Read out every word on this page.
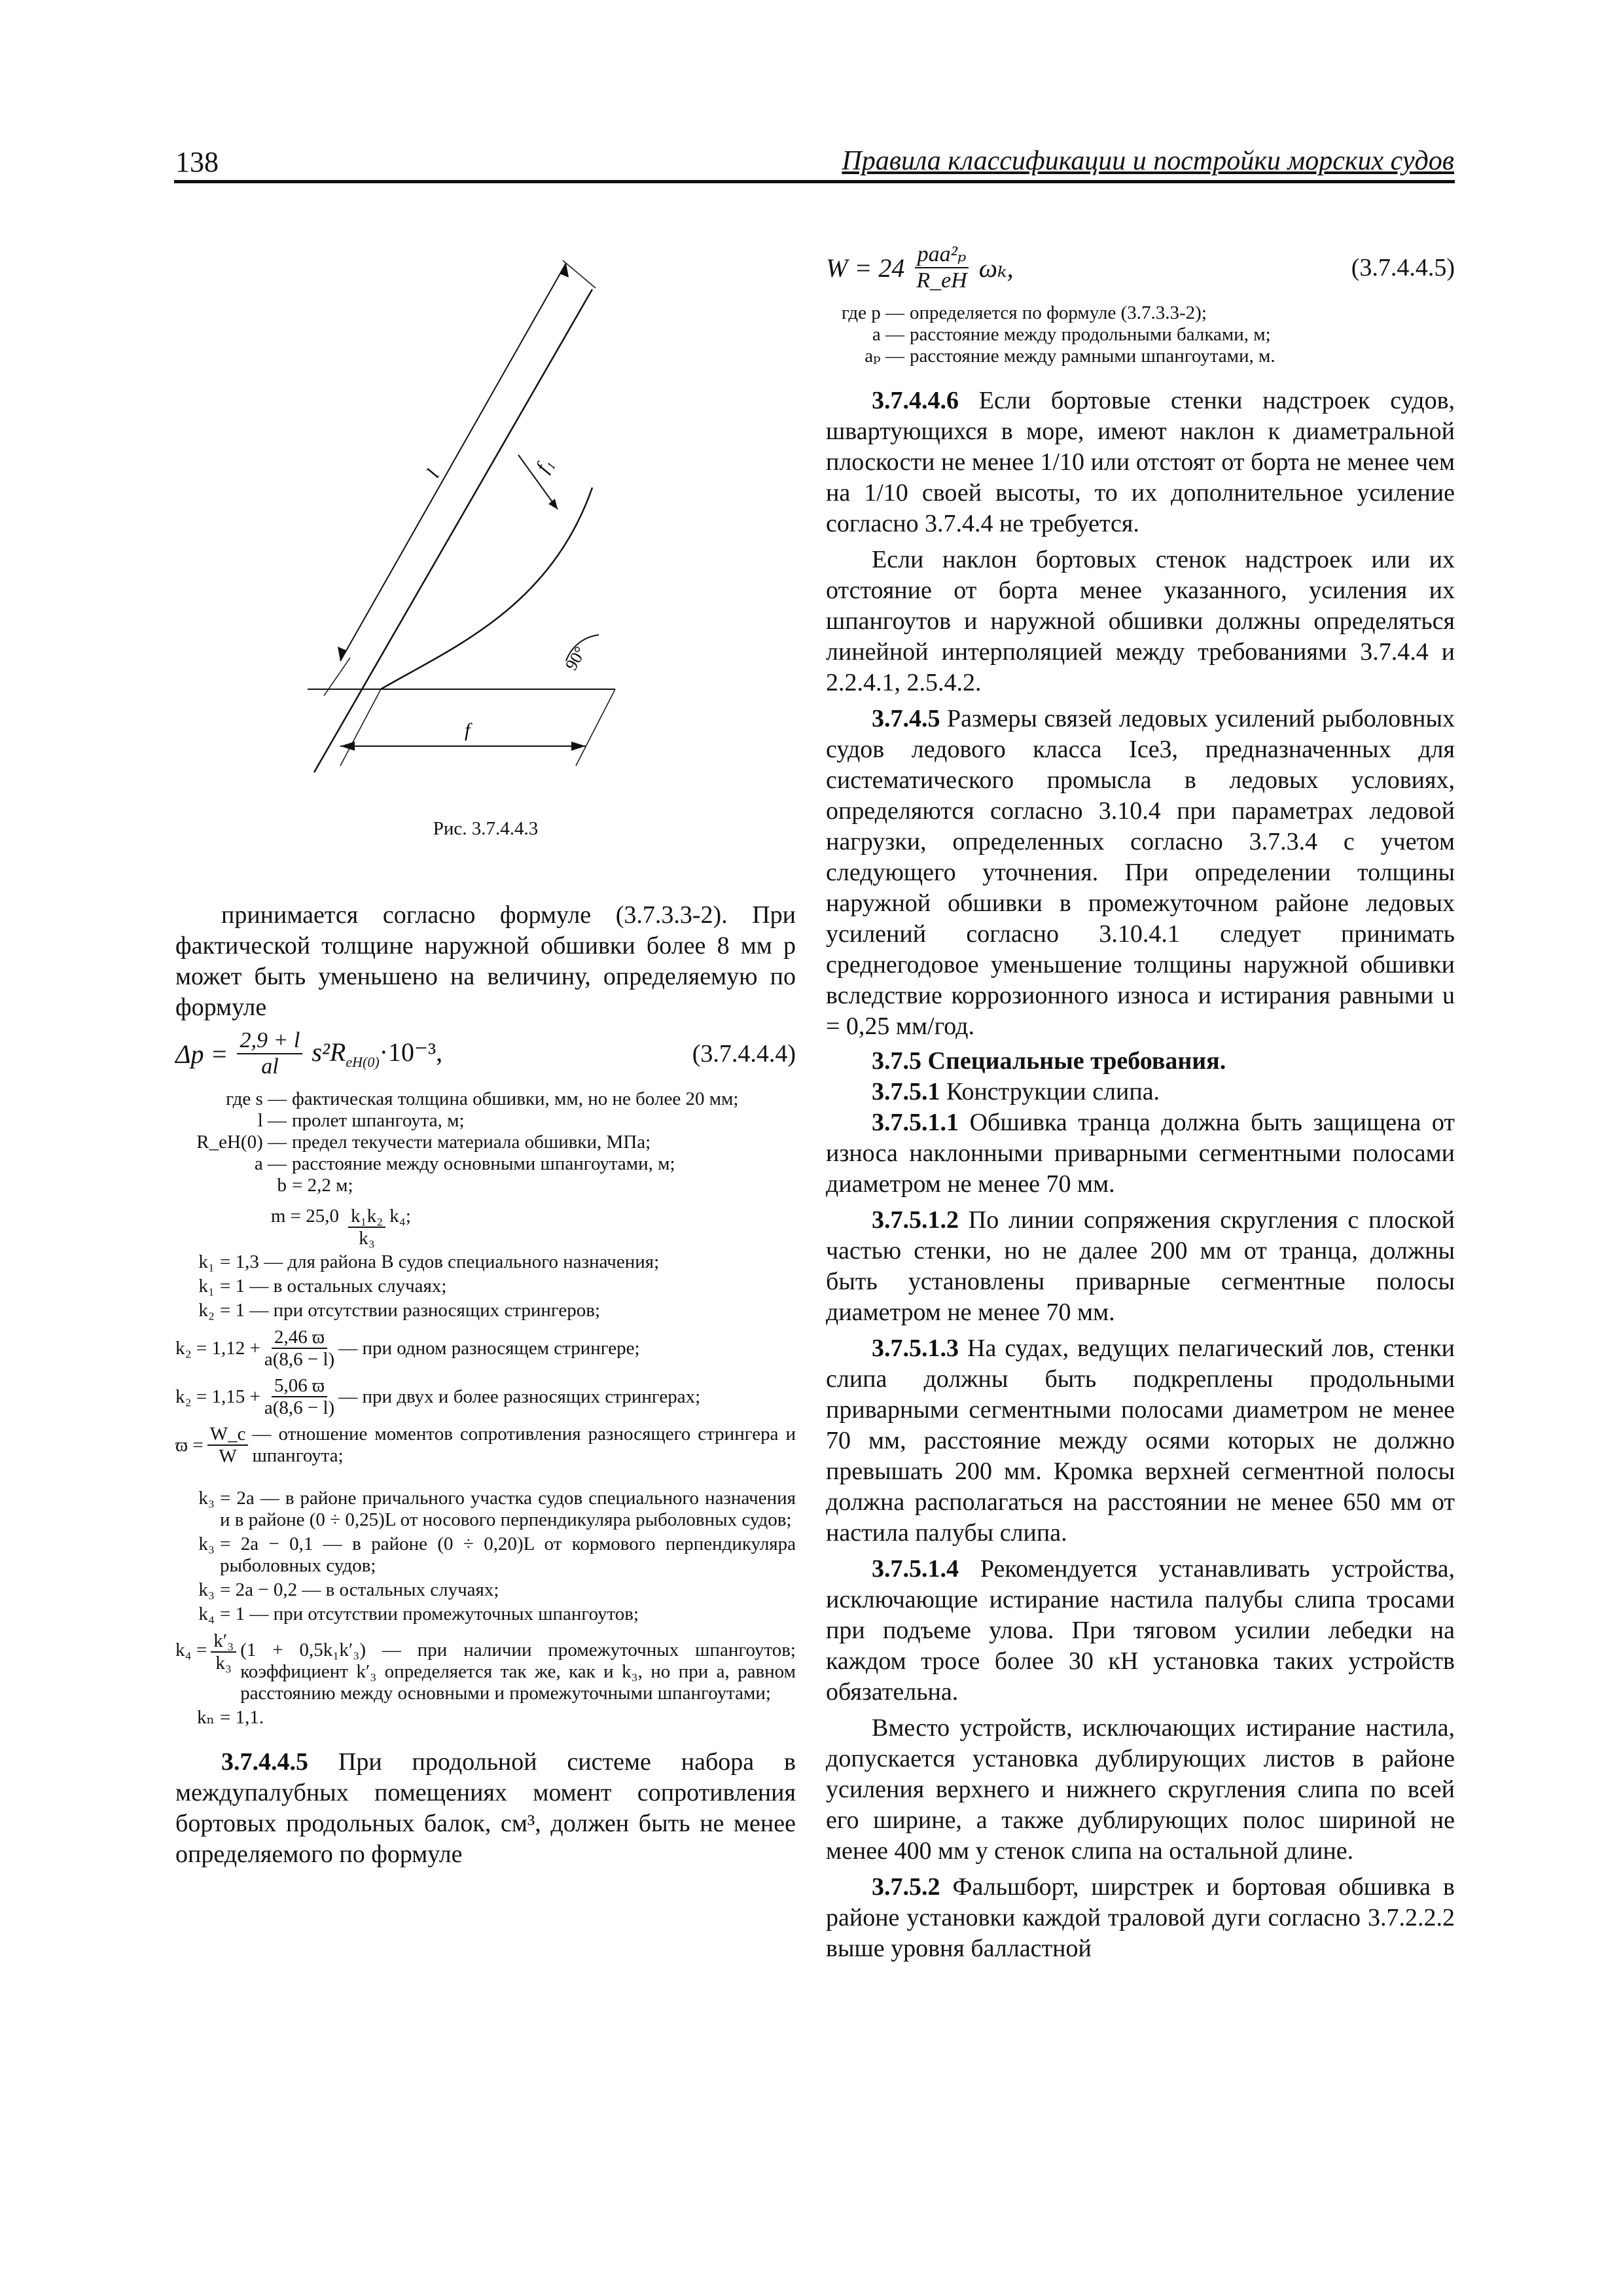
138	Правила классификации и постройки морских судов
l	f₁
90°
f
Рис. 3.7.4.4.3

принимается согласно формуле (3.7.3.3-2). При фактической толщине наружной обшивки более 8 мм p может быть уменьшено на величину, определяемую по формуле

$\Delta p = \frac{2,9 + l}{al} s^2R_{eH(0)}\cdot 10^{-3}$,	(3.7.4.4.4)
где s — фактическая толщина обшивки, мм, но не более 20 мм;
l — пролет шпангоута, м;
R_eH(0) — предел текучести материала обшивки, МПа;
a — расстояние между основными шпангоутами, м;
b = 2,2 м;
m = 25,0 k₁k₂
k₃
k₄;
k₁ = 1,3 — для района В судов специального назначения;
k₁ = 1 — в остальных случаях;
k₂ = 1 — при отсутствии разносящих стрингеров;
$k_2 = 1,12 + \frac{2,46 ϖ}{a(8,6 - l)}$ — при одном разносящем стрингере;
$k_2 = 1,15 + \frac{5,06 ϖ}{a(8,6 - l)}$ — при двух и более разносящих стрингерах;
$ϖ = \frac{W\_c}{W}$ — отношение моментов сопротивления разносящего стрингера и шпангоута;
k₃ = 2a — в районе причального участка судов специального назначения и в районе (0 ÷ 0,25)L от носового перпендикуляра рыболовных судов;
k₃ = 2a − 0,1 — в районе (0 ÷ 0,20)L от кормового перпендикуляра рыболовных судов;
k₃ = 2a − 0,2 — в остальных случаях;
k₄ = 1 — при отсутствии промежуточных шпангоутов;
$k_4 = \frac{\text{k′₃}}{\text{k₃}} (1 + 0,5k_1k'_3)$ — при наличии промежуточных шпангоутов; коэффициент k′₃ определяется так же, как и k₃, но при a, равном расстоянию между основными и промежуточными шпангоутами;
kₙ = 1,1.

3.7.4.4.5 При продольной системе набора в междупалубных помещениях момент сопротивления бортовых продольных балок, см³, должен быть не менее определяемого по формуле

$W = 24 \frac{\text{paa²ₚ}}{R\_eH} \omega_k$,	(3.7.4.4.5)
где p — определяется по формуле (3.7.3.3-2);
a — расстояние между продольными балками, м;
aₚ — расстояние между рамными шпангоутами, м.

3.7.4.4.6 Если бортовые стенки надстроек судов, швартующихся в море, имеют наклон к диаметральной плоскости не менее 1/10 или отстоят от борта не менее чем на 1/10 своей высоты, то их дополнительное усиление согласно 3.7.4.4 не требуется.

Если наклон бортовых стенок надстроек или их отстояние от борта менее указанного, усиления их шпангоутов и наружной обшивки должны определяться линейной интерполяцией между требованиями 3.7.4.4 и 2.2.4.1, 2.5.4.2.

3.7.4.5 Размеры связей ледовых усилений рыболовных судов ледового класса Ice3, предназначенных для систематического промысла в ледовых условиях, определяются согласно 3.10.4 при параметрах ледовой нагрузки, определенных согласно 3.7.3.4 с учетом следующего уточнения. При определении толщины наружной обшивки в промежуточном районе ледовых усилений согласно 3.10.4.1 следует принимать среднегодовое уменьшение толщины наружной обшивки вследствие коррозионного износа и истирания равными u = 0,25 мм/год.

3.7.5 Специальные требования.

3.7.5.1 Конструкции слипа.

3.7.5.1.1 Обшивка транца должна быть защищена от износа наклонными приварными сегментными полосами диаметром не менее 70 мм.

3.7.5.1.2 По линии сопряжения скругления с плоской частью стенки, но не далее 200 мм от транца, должны быть установлены приварные сегментные полосы диаметром не менее 70 мм.

3.7.5.1.3 На судах, ведущих пелагический лов, стенки слипа должны быть подкреплены продольными приварными сегментными полосами диаметром не менее 70 мм, расстояние между осями которых не должно превышать 200 мм. Кромка верхней сегментной полосы должна располагаться на расстоянии не менее 650 мм от настила палубы слипа.

3.7.5.1.4 Рекомендуется устанавливать устройства, исключающие истирание настила палубы слипа тросами при подъеме улова. При тяговом усилии лебедки на каждом тросе более 30 кН установка таких устройств обязательна.

Вместо устройств, исключающих истирание настила, допускается установка дублирующих листов в районе усиления верхнего и нижнего скругления слипа по всей его ширине, а также дублирующих полос шириной не менее 400 мм у стенок слипа на остальной длине.

3.7.5.2 Фальшборт, ширстрек и бортовая обшивка в районе установки каждой траловой дуги согласно 3.7.2.2.2 выше уровня балластной
